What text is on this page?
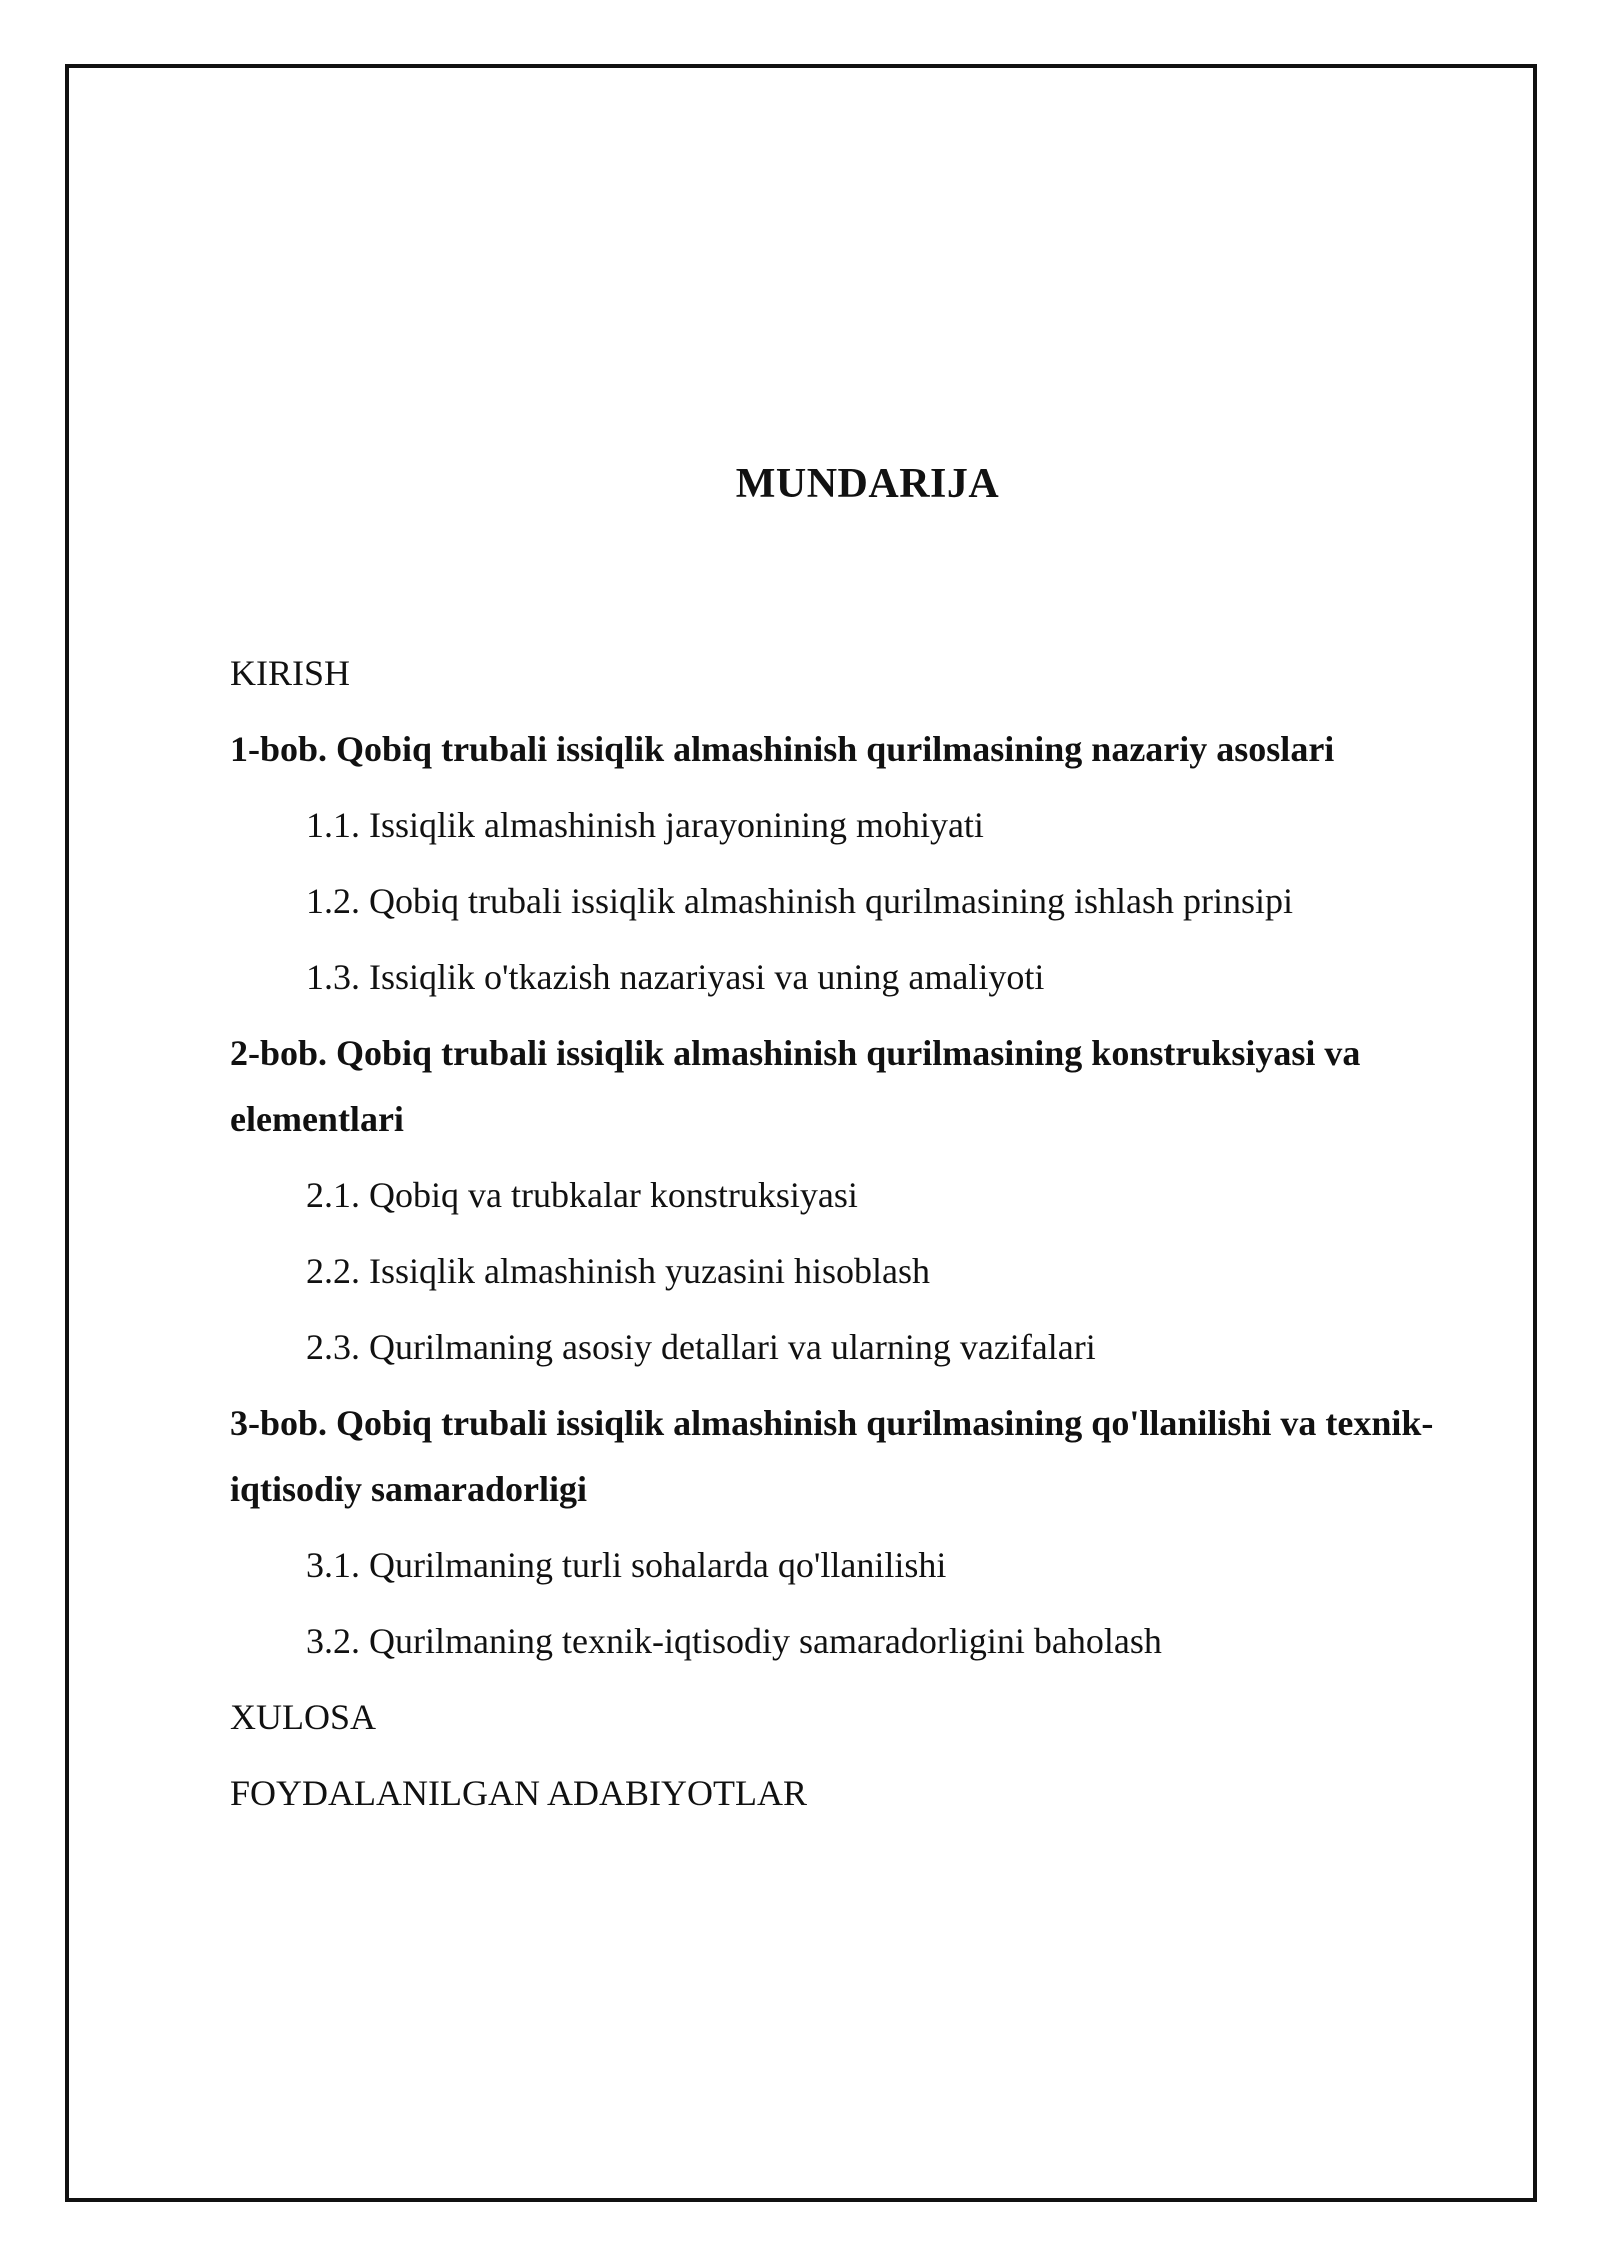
MUNDARIJA

KIRISH

1-bob. Qobiq trubali issiqlik almashinish qurilmasining nazariy asoslari

1.1. Issiqlik almashinish jarayonining mohiyati

1.2. Qobiq trubali issiqlik almashinish qurilmasining ishlash prinsipi

1.3. Issiqlik o'tkazish nazariyasi va uning amaliyoti

2-bob. Qobiq trubali issiqlik almashinish qurilmasining konstruksiyasi va elementlari

2.1. Qobiq va trubkalar konstruksiyasi

2.2. Issiqlik almashinish yuzasini hisoblash

2.3. Qurilmaning asosiy detallari va ularning vazifalari

3-bob. Qobiq trubali issiqlik almashinish qurilmasining qo'llanilishi va texnik-iqtisodiy samaradorligi

3.1. Qurilmaning turli sohalarda qo'llanilishi

3.2. Qurilmaning texnik-iqtisodiy samaradorligini baholash

XULOSA

FOYDALANILGAN ADABIYOTLAR
